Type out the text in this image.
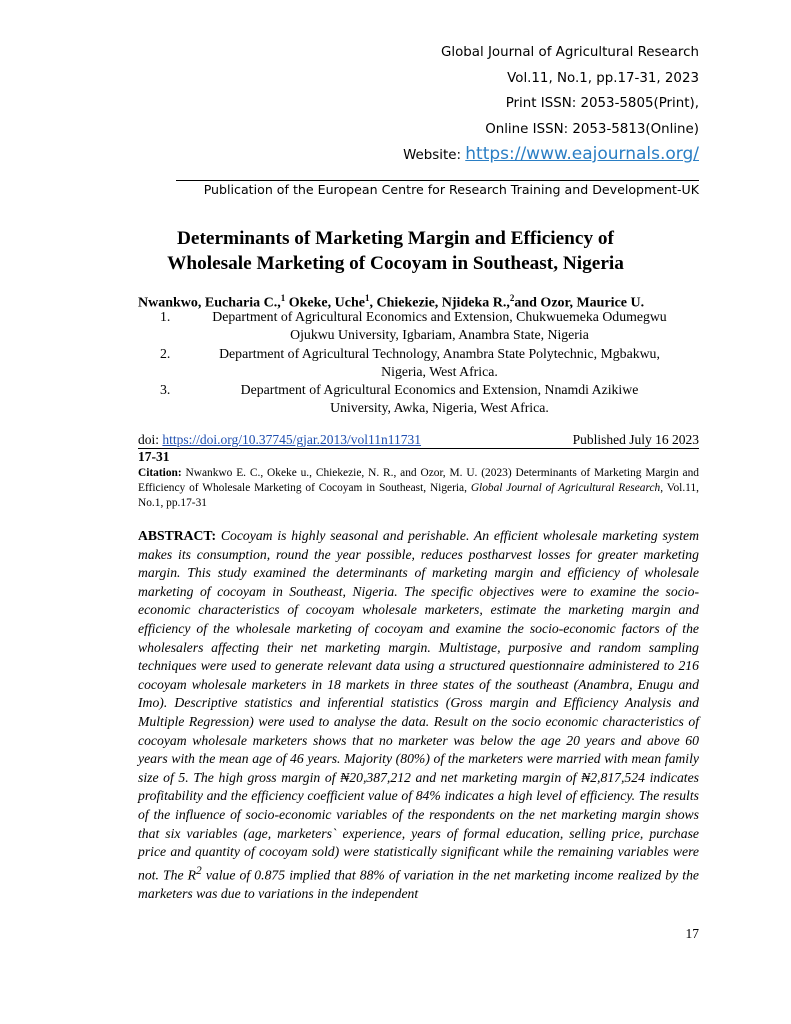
Global Journal of Agricultural Research
Vol.11, No.1, pp.17-31, 2023
Print ISSN: 2053-5805(Print),
Online ISSN: 2053-5813(Online)
Website: https://www.eajournals.org/
Publication of the European Centre for Research Training and Development-UK
Determinants of Marketing Margin and Efficiency of
Wholesale Marketing of Cocoyam in Southeast, Nigeria
Nwankwo, Eucharia C.,$^1$ Okeke, Uche$^1$, Chiekezie, Njideka R.,$^2$and Ozor, Maurice U.
1.	Department of Agricultural Economics and Extension, Chukwuemeka Odumegwu
Ojukwu University, Igbariam, Anambra State, Nigeria
2.	Department of Agricultural Technology, Anambra State Polytechnic, Mgbakwu,
Nigeria, West Africa.
3.	Department of Agricultural Economics and Extension, Nnamdi Azikiwe
University, Awka, Nigeria, West Africa.
doi: https://doi.org/10.37745/gjar.2013/vol11n11731	Published July 16 2023
17-31

Citation: Nwankwo E. C., Okeke u., Chiekezie, N. R., and Ozor, M. U. (2023) Determinants of Marketing Margin and Efficiency of Wholesale Marketing of Cocoyam in Southeast, Nigeria, Global Journal of Agricultural Research, Vol.11, No.1, pp.17-31

ABSTRACT: Cocoyam is highly seasonal and perishable. An efficient wholesale marketing system makes its consumption, round the year possible, reduces postharvest losses for greater marketing margin. This study examined the determinants of marketing margin and efficiency of wholesale marketing of cocoyam in Southeast, Nigeria. The specific objectives were to examine the socio-economic characteristics of cocoyam wholesale marketers, estimate the marketing margin and efficiency of the wholesale marketing of cocoyam and examine the socio-economic factors of the wholesalers affecting their net marketing margin. Multistage, purposive and random sampling techniques were used to generate relevant data using a structured questionnaire administered to 216 cocoyam wholesale marketers in 18 markets in three states of the southeast (Anambra, Enugu and Imo). Descriptive statistics and inferential statistics (Gross margin and Efficiency Analysis and Multiple Regression) were used to analyse the data. Result on the socio economic characteristics of cocoyam wholesale marketers shows that no marketer was below the age 20 years and above 60 years with the mean age of 46 years. Majority (80%) of the marketers were married with mean family size of 5. The high gross margin of ₦20,387,212 and net marketing margin of ₦2,817,524 indicates profitability and the efficiency coefficient value of 84% indicates a high level of efficiency. The results of the influence of socio-economic variables of the respondents on the net marketing margin shows that six variables (age, marketers` experience, years of formal education, selling price, purchase price and quantity of cocoyam sold) were statistically significant while the remaining variables were not. The $R^2$ value of 0.875 implied that 88% of variation in the net marketing income realized by the marketers was due to variations in the independent

17
